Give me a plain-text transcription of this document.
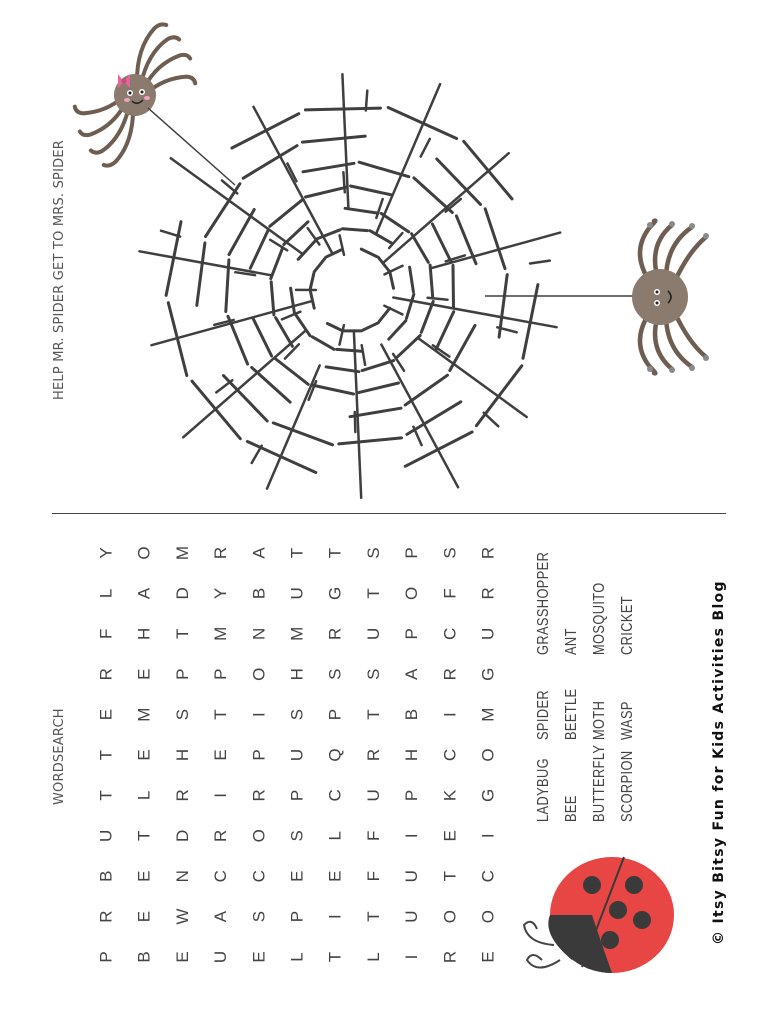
HELP MR. SPIDER GET TO MRS. SPIDER
WORDSEARCH
P B E U E L T L I R E
R E W A S P I T U O O
B E N C C E E F U T C
U T D R O S L F I E I
T L R I R P C U P K G
T E H E P U Q R H C O
E M S T I S P T B I M
R E P P O H S S A R G
F H T M N M R U P C U
L A D Y B U G T O F R
Y O M R A T T S P S R
LADYBUG BEE BUTTERFLY SCORPION
SPIDER BEETLE MOTH WASP
GRASSHOPPER ANT MOSQUITO CRICKET	© Itsy Bitsy Fun for Kids Activities Blog
